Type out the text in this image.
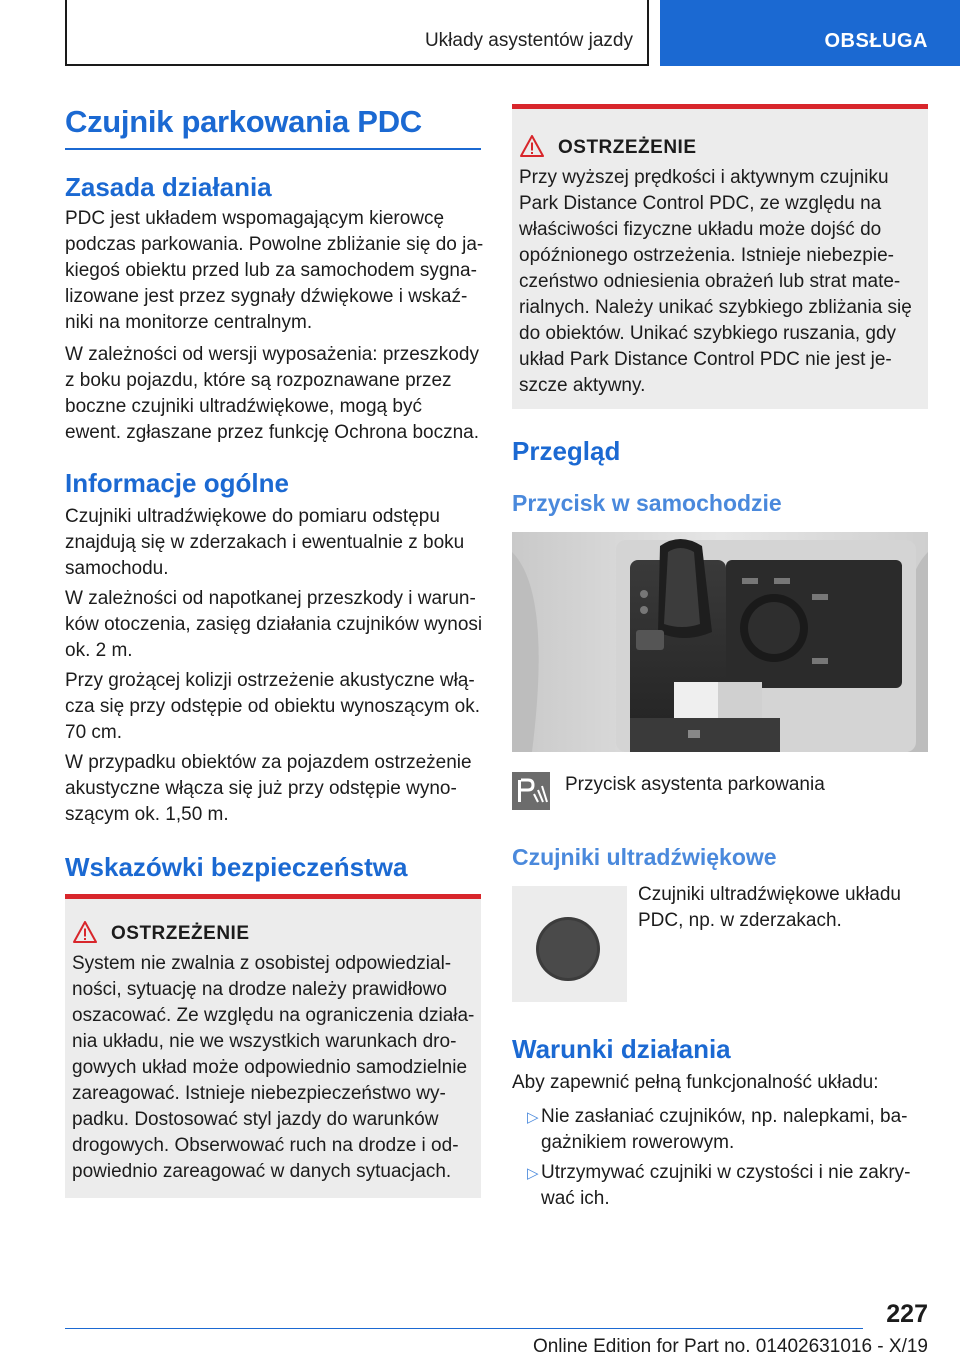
Układy asystentów jazdy	OBSŁUGA
Czujnik parkowania PDC
Zasada działania
PDC jest układem wspomagającym kierowcę
podczas parkowania. Powolne zbliżanie się do ja‐
kiegoś obiektu przed lub za samochodem sygna‐
lizowane jest przez sygnały dźwiękowe i wskaź‐
niki na monitorze centralnym.
W zależności od wersji wyposażenia: przeszkody
z boku pojazdu, które są rozpoznawane przez
boczne czujniki ultradźwiękowe, mogą być
ewent. zgłaszane przez funkcję Ochrona boczna.
Informacje ogólne
Czujniki ultradźwiękowe do pomiaru odstępu
znajdują się w zderzakach i ewentualnie z boku
samochodu.
W zależności od napotkanej przeszkody i warun‐
ków otoczenia, zasięg działania czujników wynosi
ok. 2 m.
Przy grożącej kolizji ostrzeżenie akustyczne włą‐
cza się przy odstępie od obiektu wynoszącym ok.
70 cm.
W przypadku obiektów za pojazdem ostrzeżenie
akustyczne włącza się już przy odstępie wyno‐
szącym ok. 1,50 m.
Wskazówki bezpieczeństwa
OSTRZEŻENIE
System nie zwalnia z osobistej odpowiedzial‐
ności, sytuację na drodze należy prawidłowo
oszacować. Ze względu na ograniczenia działa‐
nia układu, nie we wszystkich warunkach dro‐
gowych układ może odpowiednio samodzielnie
zareagować. Istnieje niebezpieczeństwo wy‐
padku. Dostosować styl jazdy do warunków
drogowych. Obserwować ruch na drodze i od‐
powiednio zareagować w danych sytuacjach.
OSTRZEŻENIE
Przy wyższej prędkości i aktywnym czujniku
Park Distance Control PDC, ze względu na
właściwości fizyczne układu może dojść do
opóźnionego ostrzeżenia. Istnieje niebezpie‐
czeństwo odniesienia obrażeń lub strat mate‐
rialnych. Należy unikać szybkiego zbliżania się
do obiektów. Unikać szybkiego ruszania, gdy
układ Park Distance Control PDC nie jest je‐
szcze aktywny.
Przegląd
Przycisk w samochodzie
Przycisk asystenta parkowania
Czujniki ultradźwiękowe
Czujniki ultradźwiękowe układu
PDC, np. w zderzakach.
Warunki działania
Aby zapewnić pełną funkcjonalność układu:
▷ Nie zasłaniać czujników, np. nalepkami, ba‐
gażnikiem rowerowym.
▷ Utrzymywać czujniki w czystości i nie zakry‐
wać ich.
227
Online Edition for Part no. 01402631016 - X/19
